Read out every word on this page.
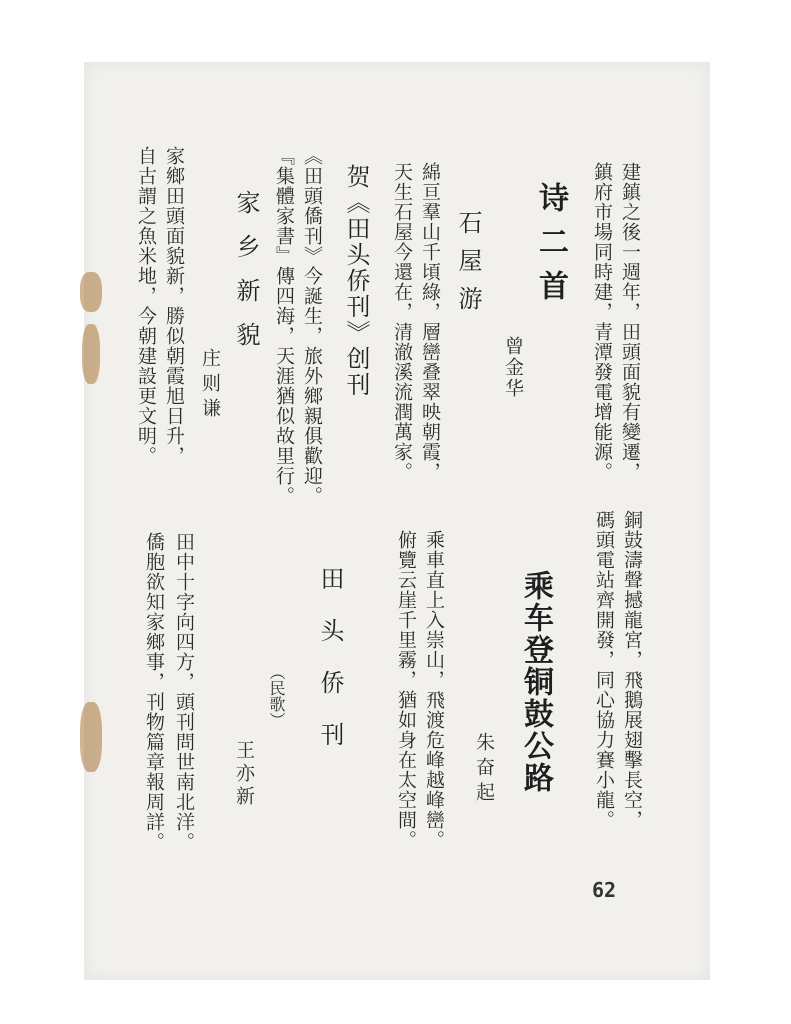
建鎮之後一週年，田頭面貌有變遷，
鎮府市場同時建，青潭發電增能源。
诗二首
曾金华
石屋游
綿亘羣山千頃綠，層巒叠翠映朝霞，
天生石屋今還在，清澈溪流潤萬家。
贺《田头侨刊》创刊
《田頭僑刊》今誕生，旅外鄉親俱歡迎。
『集體家書』傳四海，天涯猶似故里行。
家乡新貌
庄则谦
家鄉田頭面貌新，勝似朝霞旭日升，
自古謂之魚米地，今朝建設更文明。
銅鼓濤聲撼龍宮，飛鵝展翅擊長空，
碼頭電站齊開發，同心協力賽小龍。
乘车登铜鼓公路
朱奋起
乘車直上入崇山，飛渡危峰越峰巒。
俯覽云崖千里霧，猶如身在太空間。
田头侨刊
（民歌）
王亦新
田中十字向四方，頭刊問世南北洋。
僑胞欲知家鄉事，刊物篇章報周詳。
62
